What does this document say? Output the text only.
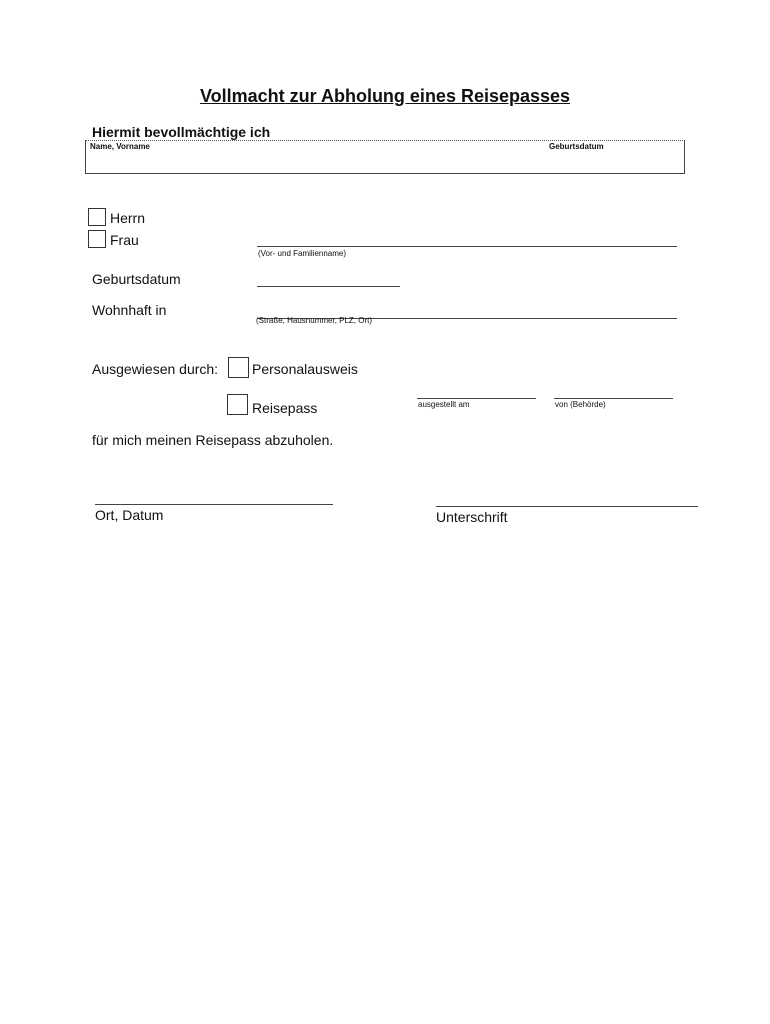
Vollmacht zur Abholung eines Reisepasses
Hiermit bevollmächtige ich
Name, Vorname	Geburtsdatum
Herrn
Frau
(Vor- und Familienname)
Geburtsdatum
Wohnhaft in
(Straße, Hausnummer, PLZ, Ort)
Ausgewiesen durch: Personalausweis
Reisepass	ausgestellt am	von (Behörde)
für mich meinen Reisepass abzuholen.
Ort, Datum	Unterschrift
